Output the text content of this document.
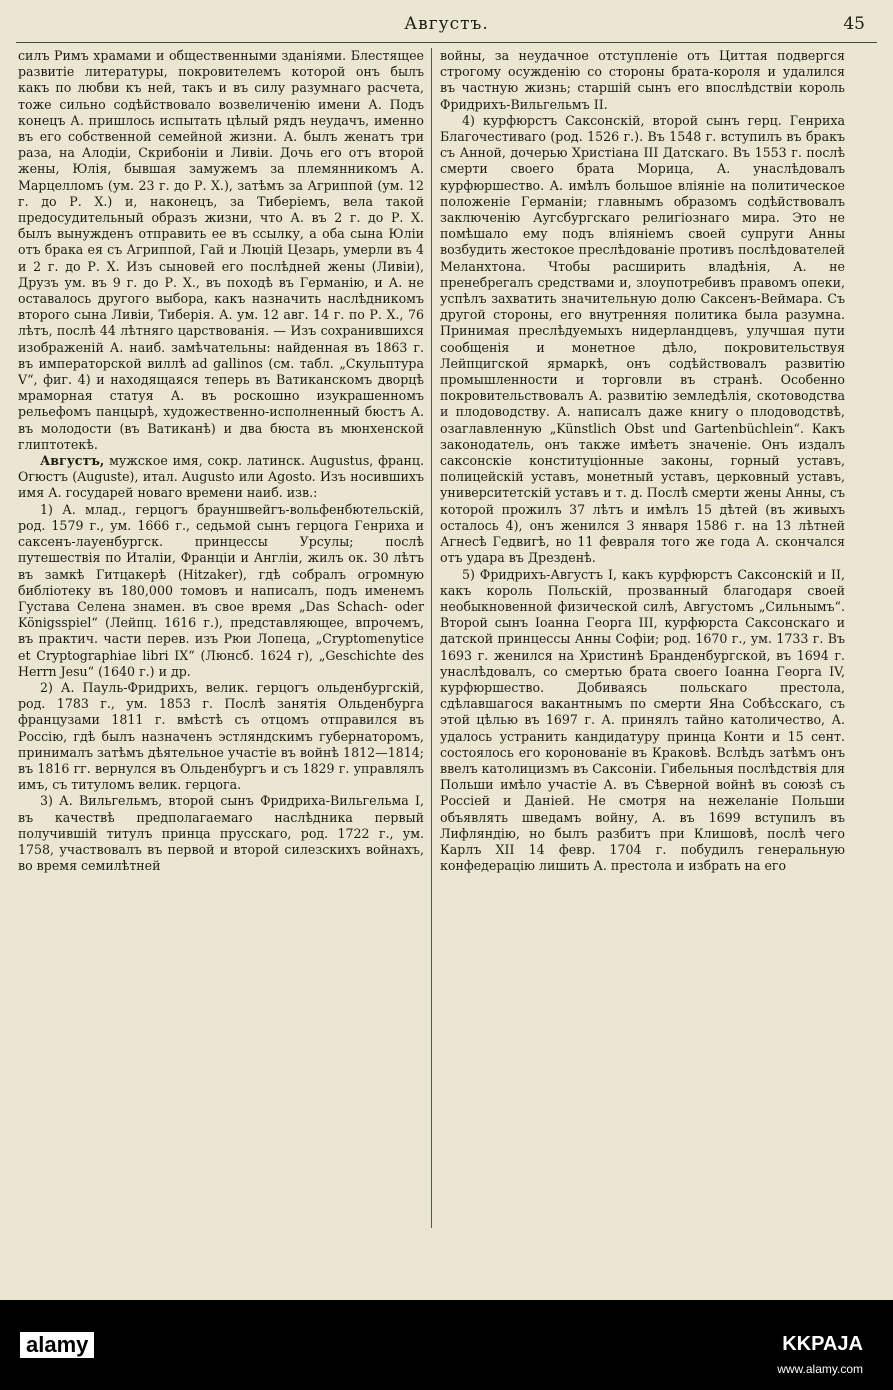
Августъ.	45

силъ Римъ храмами и общественными зданіями. Блестящее развитіе литературы, покровителемъ которой онъ былъ какъ по любви къ ней, такъ и въ силу разумнаго расчета, тоже сильно содѣйствовало возвеличенію имени А. Подъ конецъ А. пришлось испытать цѣлый рядъ неудачъ, именно въ его собственной семейной жизни. А. былъ женатъ три раза, на Алодіи, Скрибоніи и Ливіи. Дочь его отъ второй жены, Юлія, бывшая замужемъ за племянникомъ А. Марцелломъ (ум. 23 г. до Р. Х.), затѣмъ за Агриппой (ум. 12 г. до Р. Х.) и, наконецъ, за Тиберіемъ, вела такой предосудительный образъ жизни, что А. въ 2 г. до Р. Х. былъ вынужденъ отправить ее въ ссылку, а оба сына Юліи отъ брака ея съ Агриппой, Гай и Люцій Цезарь, умерли въ 4 и 2 г. до Р. Х. Изъ сыновей его послѣдней жены (Ливіи), Друзъ ум. въ 9 г. до Р. Х., въ походѣ въ Германію, и А. не оставалось другого выбора, какъ назначить наслѣдникомъ второго сына Ливіи, Тиберія. А. ум. 12 авг. 14 г. по Р. Х., 76 лѣтъ, послѣ 44 лѣтняго царствованія. — Изъ сохранившихся изображеній А. наиб. замѣчательны: найденная въ 1863 г. въ императорской виллѣ ad gallinos (см. табл. „Скульптура V“, фиг. 4) и находящаяся теперь въ Ватиканскомъ дворцѣ мраморная статуя А. въ роскошно изукрашенномъ рельефомъ панцырѣ, художественно-исполненный бюстъ А. въ молодости (въ Ватиканѣ) и два бюста въ мюнхенской глиптотекѣ.

Августъ, мужское имя, сокр. латинск. Augustus, франц. Огюстъ (Auguste), итал. Augusto или Agosto. Изъ носившихъ имя А. государей новаго времени наиб. изв.:

1) А. млад., герцогъ брауншвейгъ-вольфенбютельскій, род. 1579 г., ум. 1666 г., седьмой сынъ герцога Генриха и саксенъ-лауенбургск. принцессы Урсулы; послѣ путешествія по Италіи, Франціи и Англіи, жилъ ок. 30 лѣтъ въ замкѣ Гитцакерѣ (Hitzaker), гдѣ собралъ огромную библіотеку въ 180,000 томовъ и написалъ, подъ именемъ Густава Селена знамен. въ свое время „Das Schach- oder Königsspiel“ (Лейпц. 1616 г.), представляющее, впрочемъ, въ практич. части перев. изъ Рюи Лопеца, „Cryptomenytice et Cryptographiae libri IX“ (Люнсб. 1624 г), „Geschichte des Herrn Jesu“ (1640 г.) и др.

2) А. Пауль-Фридрихъ, велик. герцогъ ольденбургскій, род. 1783 г., ум. 1853 г. Послѣ занятія Ольденбурга французами 1811 г. вмѣстѣ съ отцомъ отправился въ Россію, гдѣ былъ назначенъ эстляндскимъ губернаторомъ, принималъ затѣмъ дѣятельное участіе въ войнѣ 1812—1814; въ 1816 гг. вернулся въ Ольденбургъ и съ 1829 г. управлялъ имъ, съ титуломъ велик. герцога.

3) А. Вильгельмъ, второй сынъ Фридриха-Вильгельма I, въ качествѣ предполагаемаго наслѣдника первый получившій титулъ принца прусскаго, род. 1722 г., ум. 1758, участвовалъ въ первой и второй силезскихъ войнахъ, во время семилѣтней

войны, за неудачное отступленіе отъ Циттая подвергся строгому осужденію со стороны брата-короля и удалился въ частную жизнь; старшій сынъ его впослѣдствіи король Фридрихъ-Вильгельмъ II.

4) курфюрстъ Саксонскій, второй сынъ герц. Генриха Благочестиваго (род. 1526 г.). Въ 1548 г. вступилъ въ бракъ съ Анной, дочерью Христіана III Датскаго. Въ 1553 г. послѣ смерти своего брата Морица, А. унаслѣдовалъ курфюршество. А. имѣлъ большое вліяніе на политическое положеніе Германіи; главнымъ образомъ содѣйствовалъ заключенію Аугсбургскаго религіознаго мира. Это не помѣшало ему подъ вліяніемъ своей супруги Анны возбудить жестокое преслѣдованіе противъ послѣдователей Меланхтона. Чтобы расширить владѣнія, А. не пренебрегалъ средствами и, злоупотребивъ правомъ опеки, успѣлъ захватить значительную долю Саксенъ-Веймара. Съ другой стороны, его внутренняя политика была разумна. Принимая преслѣдуемыхъ нидерландцевъ, улучшая пути сообщенія и монетное дѣло, покровительствуя Лейпцигской ярмаркѣ, онъ содѣйствовалъ развитію промышленности и торговли въ странѣ. Особенно покровительствовалъ А. развитію земледѣлія, скотоводства и плодоводству. А. написалъ даже книгу о плодоводствѣ, озаглавленную „Künstlich Obst und Gartenbüchlein“. Какъ законодатель, онъ также имѣетъ значеніе. Онъ издалъ саксонскіе конституціонные законы, горный уставъ, полицейскій уставъ, монетный уставъ, церковный уставъ, университетскій уставъ и т. д. Послѣ смерти жены Анны, съ которой прожилъ 37 лѣтъ и имѣлъ 15 дѣтей (въ живыхъ осталось 4), онъ женился 3 января 1586 г. на 13 лѣтней Агнесѣ Гедвигѣ, но 11 февраля того же года А. скончался отъ удара въ Дрезденѣ.

5) Фридрихъ-Августъ I, какъ курфюрстъ Саксонскій и II, какъ король Польскій, прозванный благодаря своей необыкновенной физической силѣ, Августомъ „Сильнымъ“. Второй сынъ Іоанна Георга III, курфюрста Саксонскаго и датской принцессы Анны Софіи; род. 1670 г., ум. 1733 г. Въ 1693 г. женился на Христинѣ Бранденбургской, въ 1694 г. унаслѣдовалъ, со смертью брата своего Іоанна Георга IV, курфюршество. Добиваясь польскаго престола, сдѣлавшагося вакантнымъ по смерти Яна Собѣсскаго, съ этой цѣлью въ 1697 г. А. принялъ тайно католичество, А. удалось устранить кандидатуру принца Конти и 15 сент. состоялось его коронованіе въ Краковѣ. Вслѣдъ затѣмъ онъ ввелъ католицизмъ въ Саксоніи. Гибельныя послѣдствія для Польши имѣло участіе А. въ Сѣверной войнѣ въ союзѣ съ Россіей и Даніей. Не смотря на нежеланіе Польши объявлять шведамъ войну, А. въ 1699 вступилъ въ Лифляндію, но былъ разбитъ при Клишовѣ, послѣ чего Карлъ XII 14 февр. 1704 г. побудилъ генеральную конфедерацію лишить А. престола и избрать на его

alamy	KKPAJA
www.alamy.com
